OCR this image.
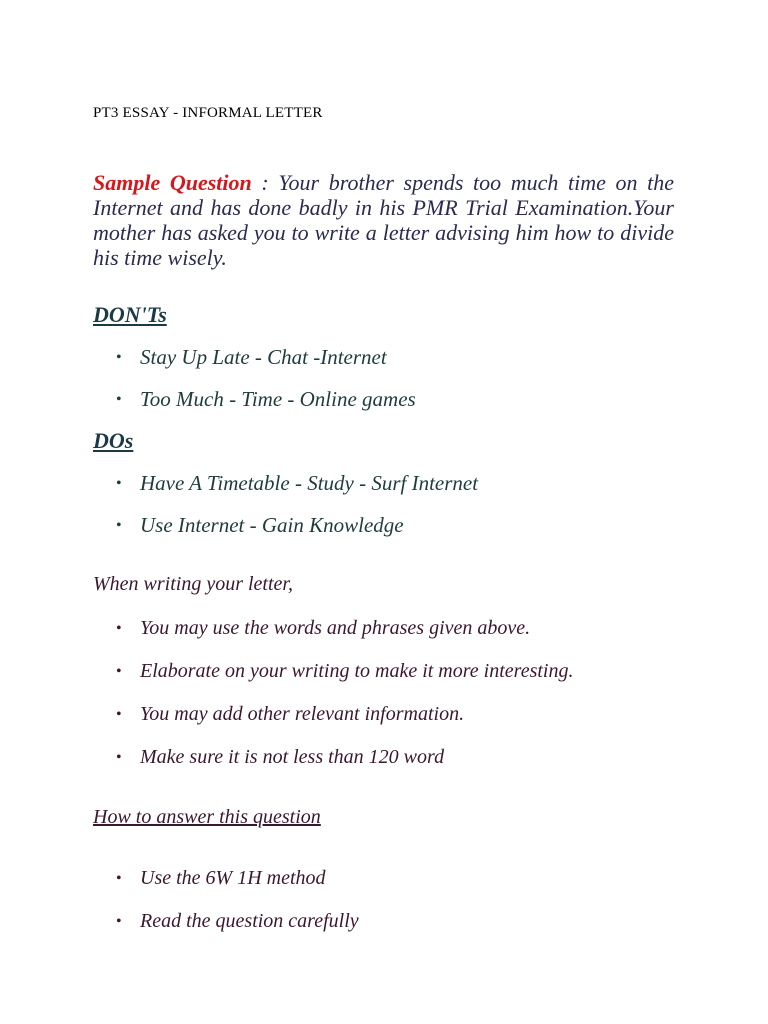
PT3 ESSAY - INFORMAL LETTER

Sample Question : Your brother spends too much time on the Internet and has done badly in his PMR Trial Examination.Your mother has asked you to write a letter advising him how to divide his time wisely.

DON'Ts
• Stay Up Late - Chat -Internet
• Too Much - Time - Online games
DOs
• Have A Timetable - Study - Surf Internet
• Use Internet - Gain Knowledge
When writing your letter,
• You may use the words and phrases given above.
• Elaborate on your writing to make it more interesting.
• You may add other relevant information.
• Make sure it is not less than 120 word
How to answer this question
• Use the 6W 1H method
• Read the question carefully
